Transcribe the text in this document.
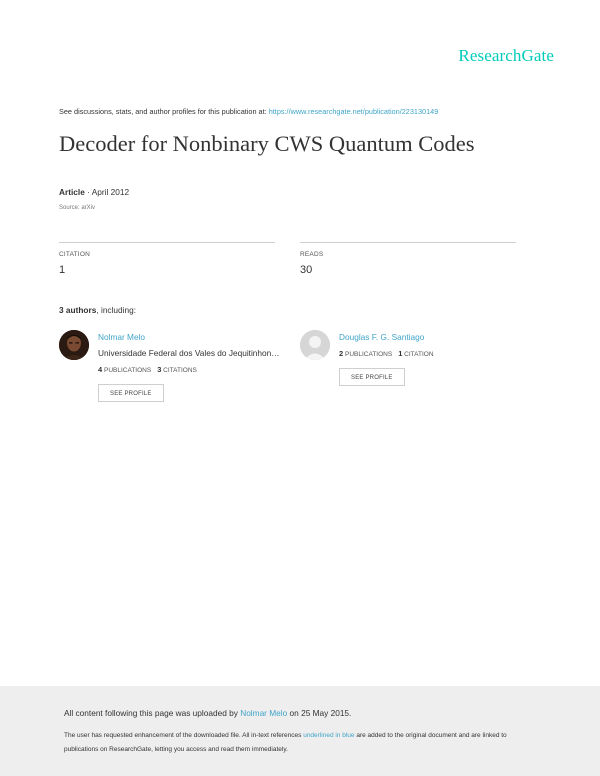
ResearchGate
See discussions, stats, and author profiles for this publication at: https://www.researchgate.net/publication/223130149
Decoder for Nonbinary CWS Quantum Codes
Article · April 2012
Source: arXiv
CITATION
1
READS
30
3 authors, including:
Nolmar Melo
Universidade Federal dos Vales do Jequitinhon…
4 PUBLICATIONS 3 CITATIONS
SEE PROFILE
Douglas F. G. Santiago
2 PUBLICATIONS 1 CITATION
SEE PROFILE
All content following this page was uploaded by Nolmar Melo on 25 May 2015.
The user has requested enhancement of the downloaded file. All in-text references underlined in blue are added to the original document and are linked to publications on ResearchGate, letting you access and read them immediately.
